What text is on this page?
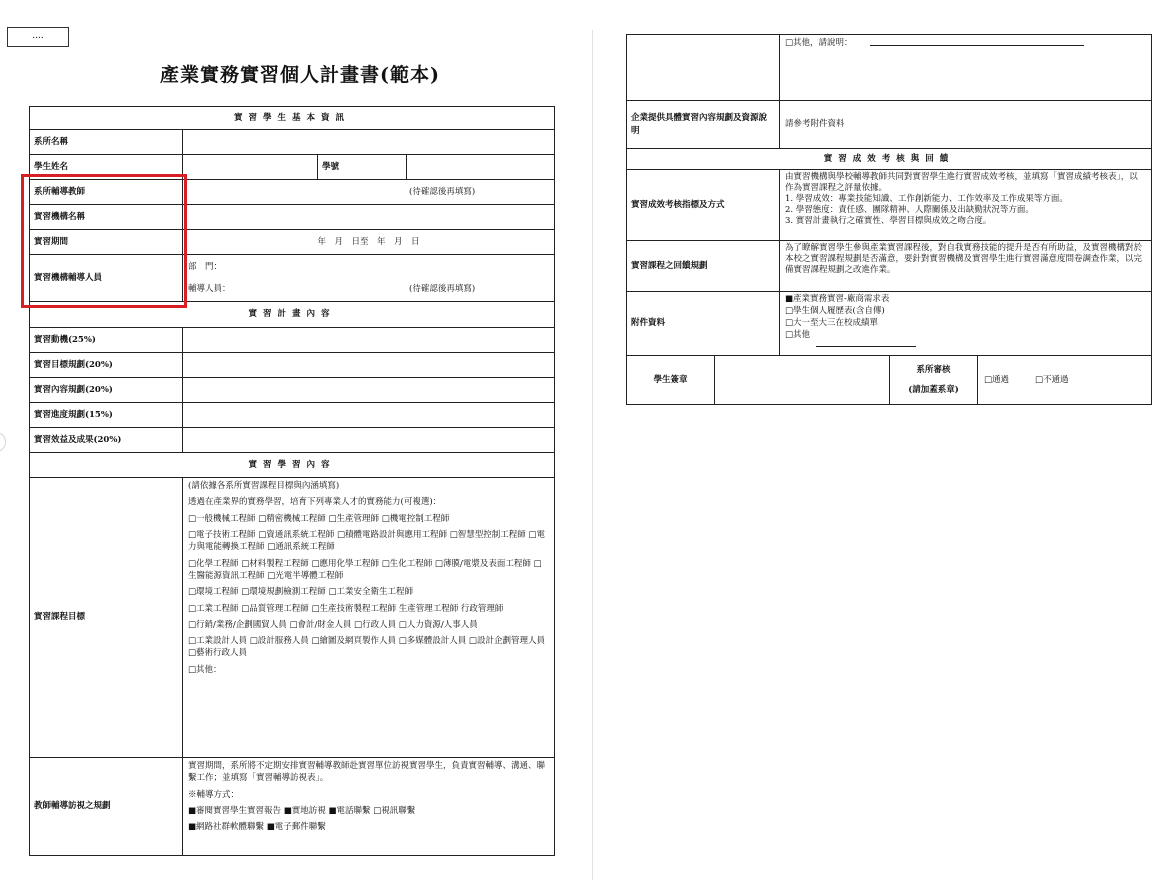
....
產業實務實習個人計畫書(範本)
實習學生基本資訊
系所名稱
學生姓名	學號
系所輔導教師	(待確認後再填寫)
實習機構名稱
實習期間	年　月　日至　年　月　日
實習機構輔導人員
部　門：
輔導人員：	(待確認後再填寫)
實習計畫內容
實習動機(25%)
實習目標規劃(20%)
實習內容規劃(20%)
實習進度規劃(15%)
實習效益及成果(20%)
實習學習內容
實習課程目標
(請依據各系所實習課程目標與內涵填寫)
透過在產業界的實務學習，培育下列專業人才的實務能力(可複選)：
□一般機械工程師 □精密機械工程師 □生產管理師 □機電控制工程師
□電子技術工程師 □資通訊系統工程師 □積體電路設計與應用工程師 □智慧型控制工程師 □電力與電能轉換工程師 □通訊系統工程師
□化學工程師 □材料製程工程師 □應用化學工程師 □生化工程師 □薄膜/電漿及表面工程師 □生醫能源資訊工程師 □光電半導體工程師
□環境工程師 □環境規劃檢測工程師 □工業安全衛生工程師
□工業工程師 □品質管理工程師 □生產技術製程工程師 生產管理工程師 行政管理師
□行銷/業務/企劃國貿人員 □會計/財金人員 □行政人員 □人力資源/人事人員
□工業設計人員 □設計服務人員 □繪圖及網頁製作人員 □多媒體設計人員 □設計企劃管理人員 □藝術行政人員
□其他：
教師輔導訪視之規劃
實習期間，系所將不定期安排實習輔導教師赴實習單位訪視實習學生，負責實習輔導、溝通、聯繫工作；並填寫「實習輔導訪視表」。
※輔導方式：
■審閱實習學生實習報告 ■實地訪視 ■電話聯繫 □視訊聯繫
■網路社群軟體聯繫 ■電子郵件聯繫
□其他，請說明：
企業提供具體實習內容規劃及資源說明
請參考附件資料
實習成效考核與回饋
實習成效考核指標及方式
由實習機構與學校輔導教師共同對實習學生進行實習成效考核，並填寫「實習成績考核表」，以作為實習課程之評量依據。
1. 學習成效：專業技能知識、工作創新能力、工作效率及工作成果等方面。
2. 學習態度：責任感、團隊精神、人際關係及出缺勤狀況等方面。
3. 實習計畫執行之確實性、學習目標與成效之吻合度。
實習課程之回饋規劃
為了瞭解實習學生參與產業實習課程後，對自我實務技能的提升是否有所助益，及實習機構對於本校之實習課程規劃是否滿意，要針對實習機構及實習學生進行實習滿意度問卷調查作業，以完備實習課程規劃之改進作業。
附件資料
■產業實務實習-廠商需求表
□學生個人履歷表(含自傳)
□大一至大三在校成績單
□其他
學生簽章
系所審核
(請加蓋系章)
□通過	□不通過
